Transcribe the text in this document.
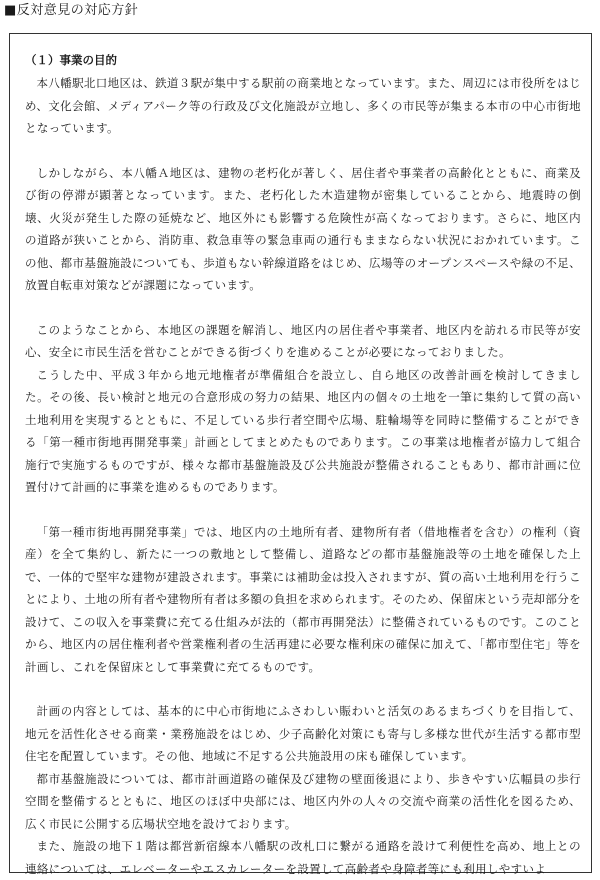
■反対意見の対応方針
（１）事業の目的

本八幡駅北口地区は、鉄道３駅が集中する駅前の商業地となっています。また、周辺には市役所をはじめ、文化会館、メディアパーク等の行政及び文化施設が立地し、多くの市民等が集まる本市の中心市街地となっています。

しかしながら、本八幡Ａ地区は、建物の老朽化が著しく、居住者や事業者の高齢化とともに、商業及び街の停滞が顕著となっています。また、老朽化した木造建物が密集していることから、地震時の倒壊、火災が発生した際の延焼など、地区外にも影響する危険性が高くなっております。さらに、地区内の道路が狭いことから、消防車、救急車等の緊急車両の通行もままならない状況におかれています。この他、都市基盤施設についても、歩道もない幹線道路をはじめ、広場等のオープンスペースや緑の不足、放置自転車対策などが課題になっています。

このようなことから、本地区の課題を解消し、地区内の居住者や事業者、地区内を訪れる市民等が安心、安全に市民生活を営むことができる街づくりを進めることが必要になっておりました。

こうした中、平成３年から地元地権者が準備組合を設立し、自ら地区の改善計画を検討してきました。その後、長い検討と地元の合意形成の努力の結果、地区内の個々の土地を一筆に集約して質の高い土地利用を実現するとともに、不足している歩行者空間や広場、駐輪場等を同時に整備することができる「第一種市街地再開発事業」計画としてまとめたものであります。この事業は地権者が協力して組合施行で実施するものですが、様々な都市基盤施設及び公共施設が整備されることもあり、都市計画に位置付けて計画的に事業を進めるものであります。

「第一種市街地再開発事業」では、地区内の土地所有者、建物所有者（借地権者を含む）の権利（資産）を全て集約し、新たに一つの敷地として整備し、道路などの都市基盤施設等の土地を確保した上で、一体的で堅牢な建物が建設されます。事業には補助金は投入されますが、質の高い土地利用を行うことにより、土地の所有者や建物所有者は多額の負担を求められます。そのため、保留床という売却部分を設けて、この収入を事業費に充てる仕組みが法的（都市再開発法）に整備されているものです。このことから、地区内の居住権利者や営業権利者の生活再建に必要な権利床の確保に加えて、「都市型住宅」等を計画し、これを保留床として事業費に充てるものです。

計画の内容としては、基本的に中心市街地にふさわしい賑わいと活気のあるまちづくりを目指して、地元を活性化させる商業・業務施設をはじめ、少子高齢化対策にも寄与し多様な世代が生活する都市型住宅を配置しています。その他、地域に不足する公共施設用の床も確保しています。

都市基盤施設については、都市計画道路の確保及び建物の壁面後退により、歩きやすい広幅員の歩行空間を整備するとともに、地区のほぼ中央部には、地区内外の人々の交流や商業の活性化を図るため、広く市民に公開する広場状空地を設けております。

また、施設の地下１階は都営新宿線本八幡駅の改札口に繋がる通路を設けて利便性を高め、地上との連絡については、エレベーターやエスカレーターを設置して高齢者や身障者等にも利用しやすいよ
